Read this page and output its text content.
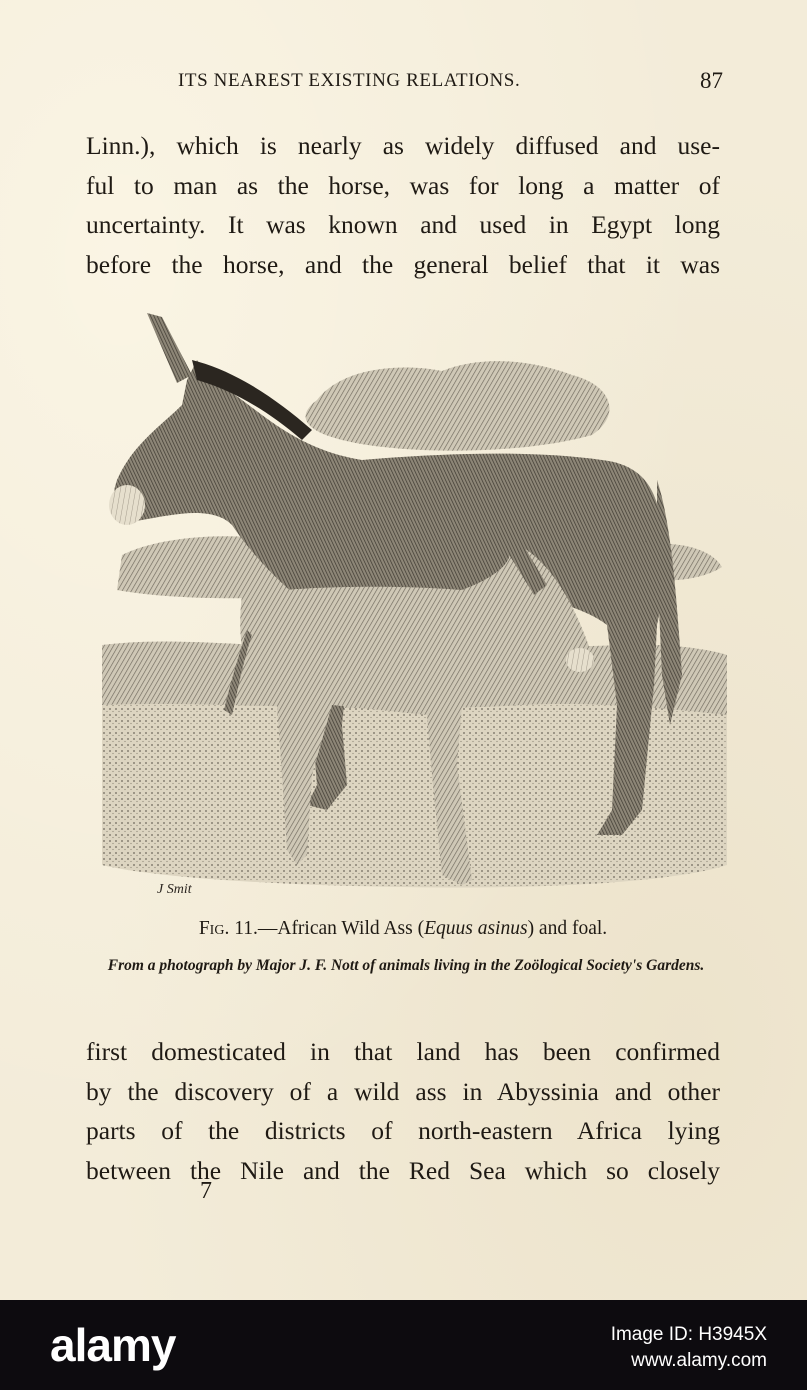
ITS NEAREST EXISTING RELATIONS.	87
Linn.), which is nearly as widely diffused and use-
ful to man as the horse, was for long a matter of
uncertainty. It was known and used in Egypt long
before the horse, and the general belief that it was
J Smit
Fig. 11.—African Wild Ass (Equus asinus) and foal.
From a photograph by Major J. F. Nott of animals living in the Zoölogical Society's Gardens.
first domesticated in that land has been confirmed
by the discovery of a wild ass in Abyssinia and other
parts of the districts of north-eastern Africa lying
between the Nile and the Red Sea which so closely
7
alamy	Image ID: H3945X
www.alamy.com
